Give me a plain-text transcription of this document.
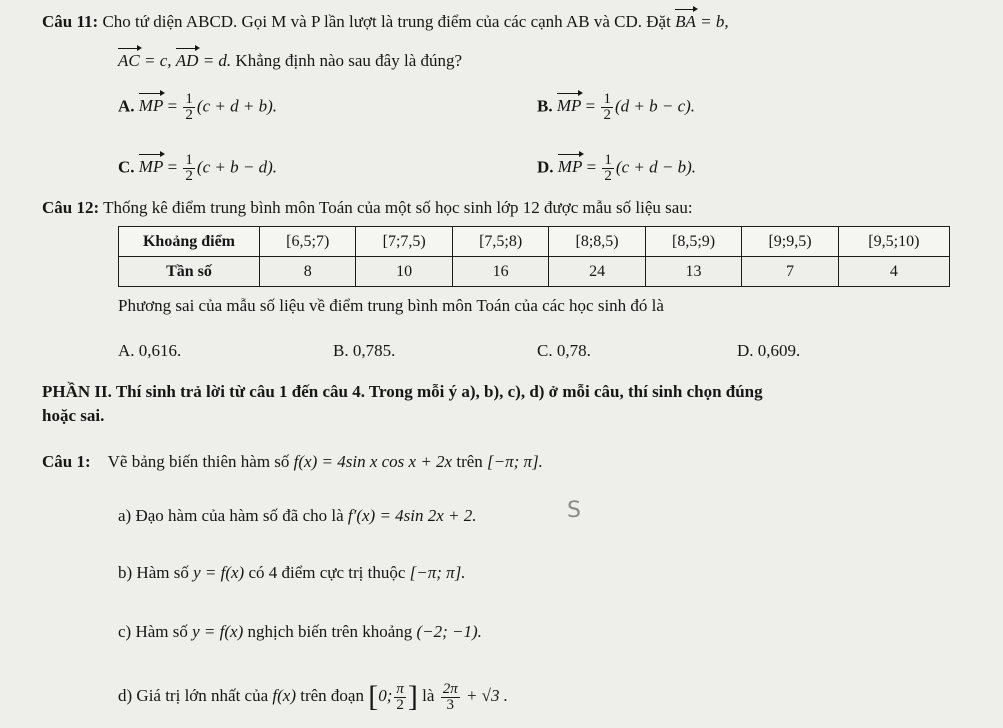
Câu 11: Cho tứ diện ABCD. Gọi M và P lần lượt là trung điểm của các cạnh AB và CD. Đặt BA = b,
AC = c, AD = d. Khẳng định nào sau đây là đúng?
A. MP = $\frac{1}{2} (c + d + b)$.	B. MP = $\frac{1}{2} (d + b - c)$.
C. MP = $\frac{1}{2} (c + b - d)$.	D. MP = $\frac{1}{2} (c + d - b)$.
Câu 12: Thống kê điểm trung bình môn Toán của một số học sinh lớp 12 được mẫu số liệu sau:
Khoảng điểm	[6,5;7)	[7;7,5)	[7,5;8)	[8;8,5)	[8,5;9)	[9;9,5)	[9,5;10)
Tần số	8	10	16	24	13	7	4
Phương sai của mẫu số liệu về điểm trung bình môn Toán của các học sinh đó là
A. 0,616.	B. 0,785.	C. 0,78.	D. 0,609.
PHẦN II. Thí sinh trả lời từ câu 1 đến câu 4. Trong mỗi ý a), b), c), d) ở mỗi câu, thí sinh chọn đúng
hoặc sai.
Câu 1: Vẽ bảng biến thiên hàm số f(x) = 4sin x cos x + 2x trên [−π; π].
a) Đạo hàm của hàm số đã cho là f′(x) = 4sin 2x + 2.	S
b) Hàm số y = f(x) có 4 điểm cực trị thuộc [−π; π].
c) Hàm số y = f(x) nghịch biến trên khoảng (−2; −1).
d) Giá trị lớn nhất của f(x) trên đoạn [0; $\frac{\pi}{2}$ ] là $\frac{2\pi}{3} + √3$ .
